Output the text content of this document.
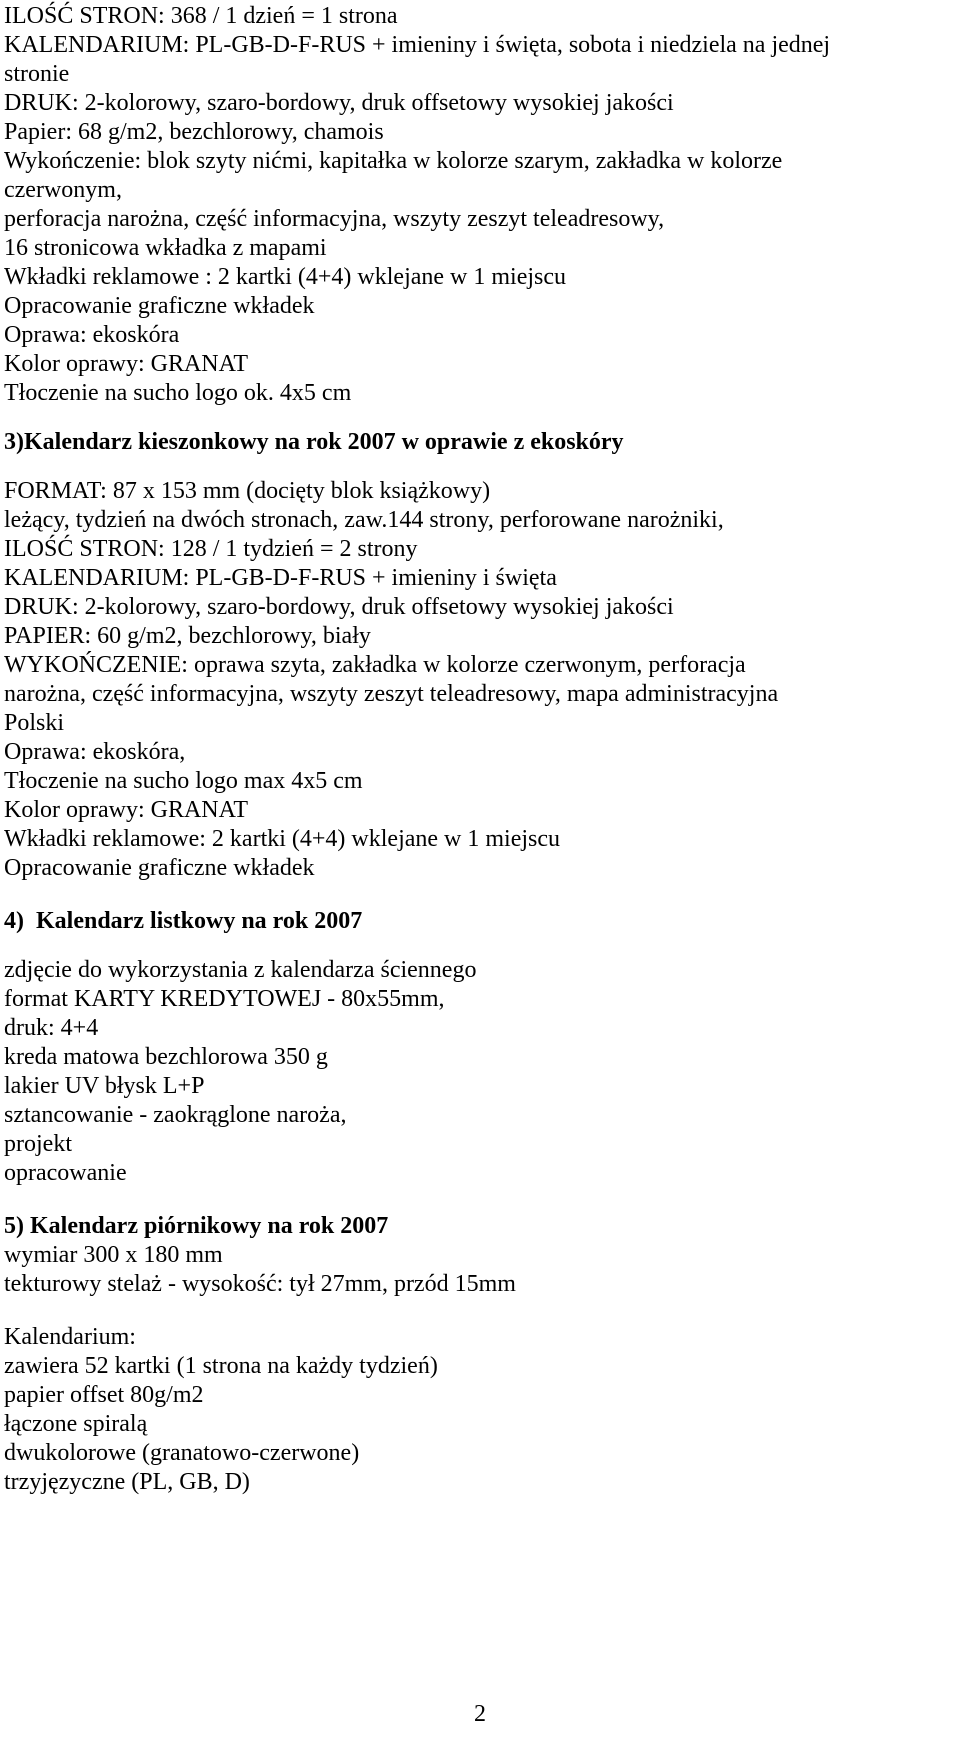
ILOŚĆ STRON: 368 / 1 dzień = 1 strona

KALENDARIUM: PL-GB-D-F-RUS + imieniny i święta, sobota i niedziela na jednej

stronie

DRUK: 2-kolorowy, szaro-bordowy, druk offsetowy wysokiej jakości

Papier: 68 g/m2, bezchlorowy, chamois

Wykończenie: blok szyty nićmi, kapitałka w kolorze szarym, zakładka w kolorze

czerwonym,

perforacja narożna, część informacyjna, wszyty zeszyt teleadresowy,

16 stronicowa wkładka z mapami

Wkładki reklamowe : 2 kartki (4+4) wklejane w 1 miejscu

Opracowanie graficzne wkładek

Oprawa: ekoskóra

Kolor oprawy: GRANAT

Tłoczenie na sucho logo ok. 4x5 cm

3)Kalendarz kieszonkowy na rok 2007 w oprawie z ekoskóry

FORMAT: 87 x 153 mm (docięty blok książkowy)

leżący, tydzień na dwóch stronach, zaw.144 strony, perforowane narożniki,

ILOŚĆ STRON: 128 / 1 tydzień = 2 strony

KALENDARIUM: PL-GB-D-F-RUS + imieniny i święta

DRUK: 2-kolorowy, szaro-bordowy, druk offsetowy wysokiej jakości

PAPIER: 60 g/m2, bezchlorowy, biały

WYKOŃCZENIE: oprawa szyta, zakładka w kolorze czerwonym, perforacja

narożna, część informacyjna, wszyty zeszyt teleadresowy, mapa administracyjna

Polski

Oprawa: ekoskóra,

Tłoczenie na sucho logo max 4x5 cm

Kolor oprawy: GRANAT

Wkładki reklamowe: 2 kartki (4+4) wklejane w 1 miejscu

Opracowanie graficzne wkładek

4)  Kalendarz listkowy na rok 2007

zdjęcie do wykorzystania z kalendarza ściennego

format KARTY KREDYTOWEJ - 80x55mm,

druk: 4+4

kreda matowa bezchlorowa 350 g

lakier UV błysk L+P

sztancowanie - zaokrąglone naroża,

projekt

opracowanie

5) Kalendarz piórnikowy na rok 2007

wymiar 300 x 180 mm

tekturowy stelaż - wysokość: tył 27mm, przód 15mm

Kalendarium:

zawiera 52 kartki (1 strona na każdy tydzień)

papier offset 80g/m2

łączone spiralą

dwukolorowe (granatowo-czerwone)

trzyjęzyczne (PL, GB, D)

2
